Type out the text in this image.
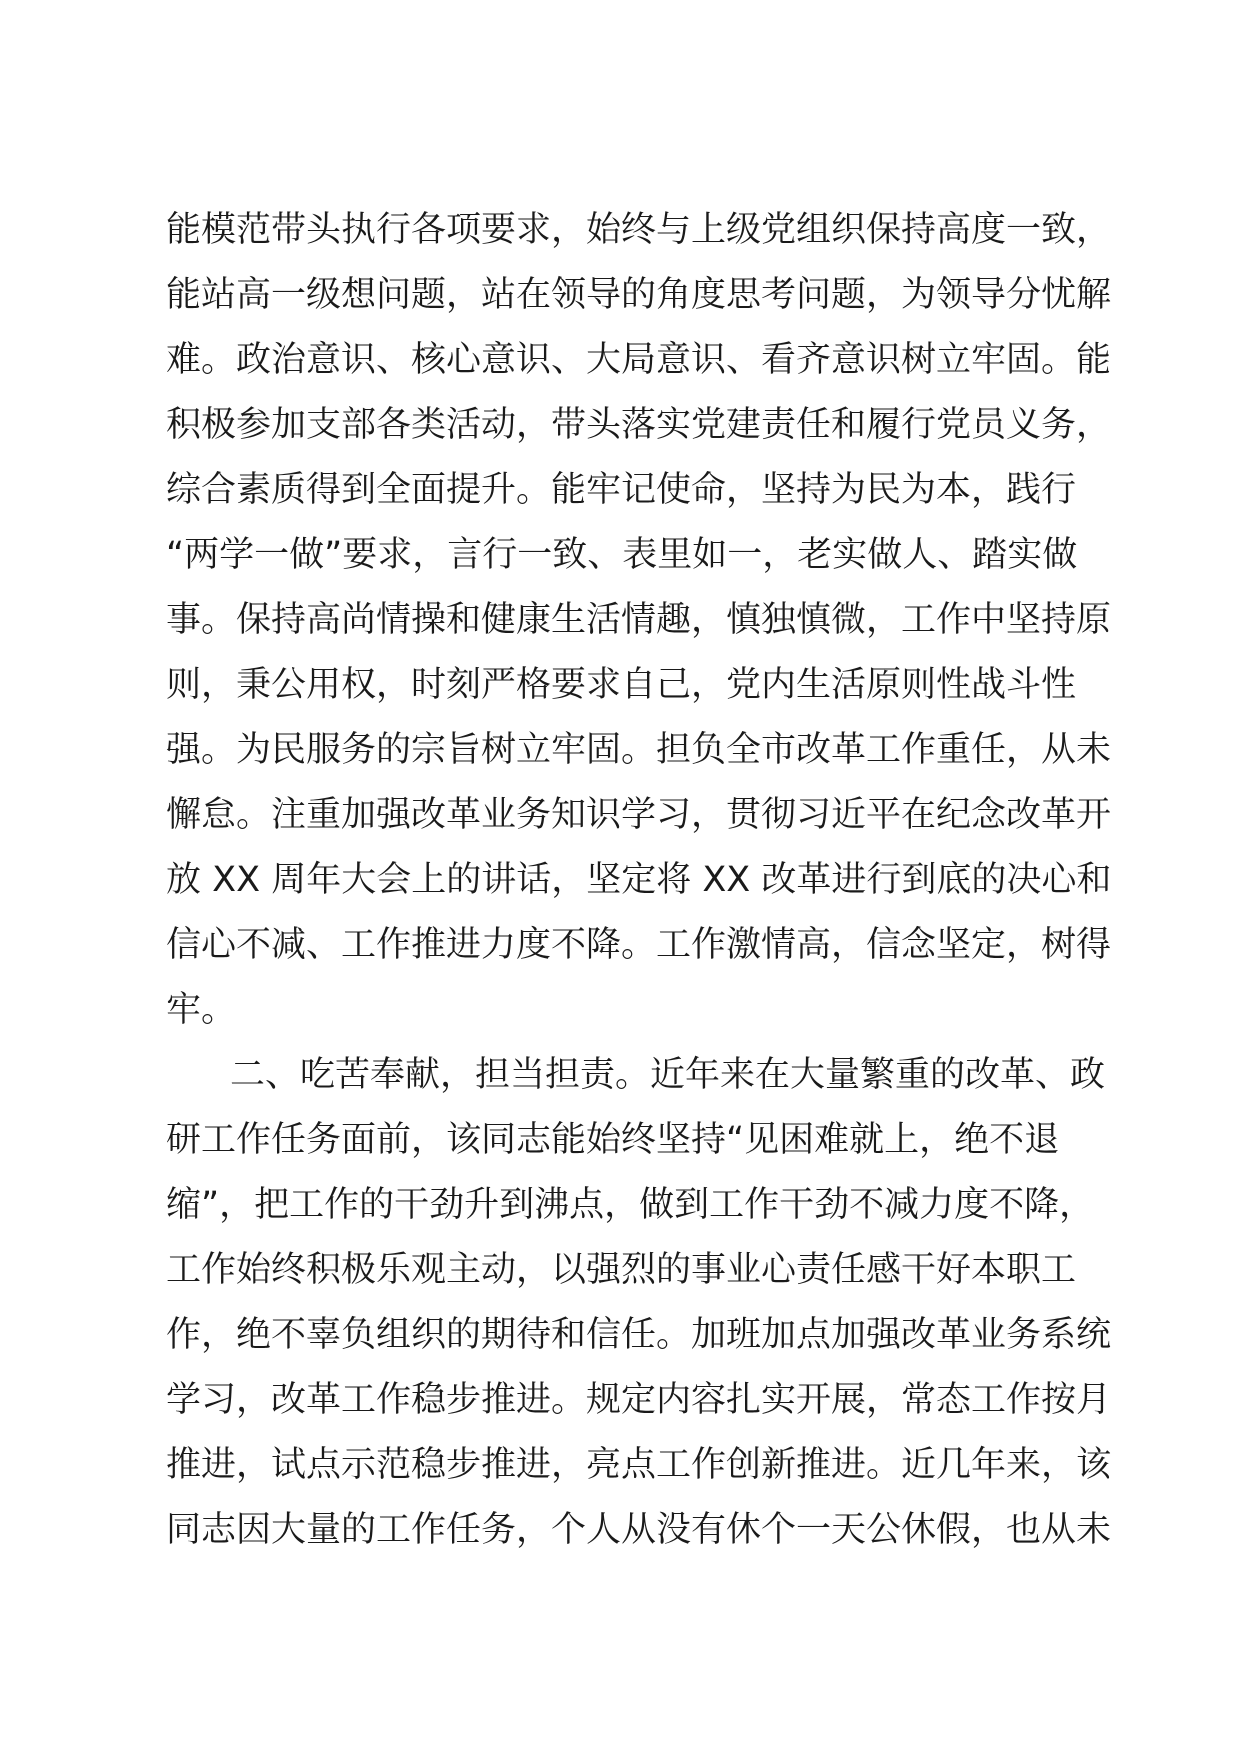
能模范带头执行各项要求，始终与上级党组织保持高度一致，
能站高一级想问题，站在领导的角度思考问题，为领导分忧解
难。政治意识、核心意识、大局意识、看齐意识树立牢固。能
积极参加支部各类活动，带头落实党建责任和履行党员义务，
综合素质得到全面提升。能牢记使命，坚持为民为本，践行
“两学一做”要求，言行一致、表里如一，老实做人、踏实做
事。保持高尚情操和健康生活情趣，慎独慎微，工作中坚持原
则，秉公用权，时刻严格要求自己，党内生活原则性战斗性
强。为民服务的宗旨树立牢固。担负全市改革工作重任，从未
懈怠。注重加强改革业务知识学习，贯彻习近平在纪念改革开
放 XX 周年大会上的讲话，坚定将 XX 改革进行到底的决心和
信心不减、工作推进力度不降。工作激情高，信念坚定，树得
牢。
二、吃苦奉献，担当担责。近年来在大量繁重的改革、政
研工作任务面前，该同志能始终坚持“见困难就上，绝不退
缩”，把工作的干劲升到沸点，做到工作干劲不减力度不降，
工作始终积极乐观主动，以强烈的事业心责任感干好本职工
作，绝不辜负组织的期待和信任。加班加点加强改革业务系统
学习，改革工作稳步推进。规定内容扎实开展，常态工作按月
推进，试点示范稳步推进，亮点工作创新推进。近几年来，该
同志因大量的工作任务，个人从没有休个一天公休假，也从未
